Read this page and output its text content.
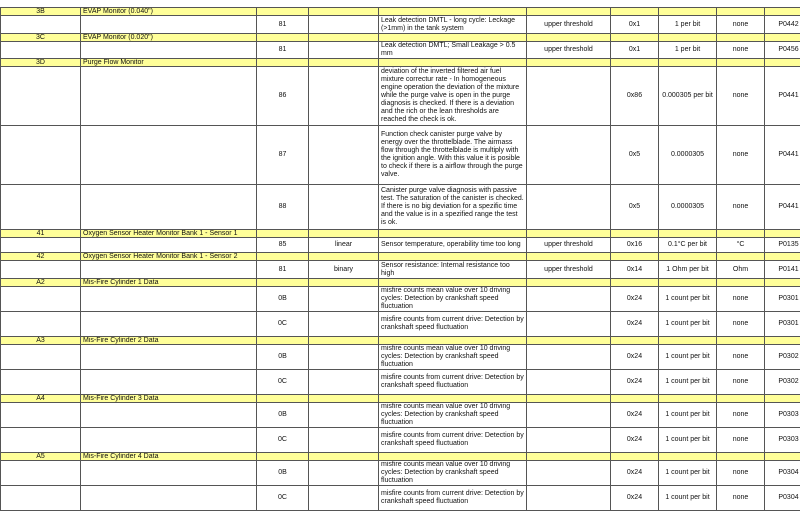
3B	EVAP Monitor (0.040")								
		81		Leak detection DMTL - long cycle: Leckage (>1mm) in the tank system	upper threshold	0x1	1 per bit	none	P0442
3C	EVAP Monitor (0.020")								
		81		Leak detection DMTL; Small Leakage > 0.5 mm	upper threshold	0x1	1 per bit	none	P0456
3D	Purge Flow Monitor								
		86		deviation of the inverted filtered air fuel mixture correctur rate - In homogeneous engine operation the deviation of the mixture while the purge valve is open in the purge diagnosis is checked. If there is a deviation and the rich or the lean thresholds are reached the check is ok.		0x86	0.000305 per bit	none	P0441
		87		Function check canister purge valve by energy over the throttelblade. The airmass flow through the throttelblade is multiply with the ignition angle. With this value it is posible to check if there is a airflow through the purge valve.		0x5	0.0000305	none	P0441
		88		Canister purge valve diagnosis with passive test. The saturation of the canister is checked. If there is no big deviation for a spezific time and the value is in a spezified range the test is ok.		0x5	0.0000305	none	P0441
41	Oxygen Sensor Heater Monitor Bank 1 - Sensor 1								
		85	linear	Sensor temperature, operability time too long	upper threshold	0x16	0.1°C per bit	°C	P0135
42	Oxygen Sensor Heater Monitor Bank 1 - Sensor 2								
		81	binary	Sensor resistance: Internal resistance too high	upper threshold	0x14	1 Ohm per bit	Ohm	P0141
A2	Mis-Fire Cylinder 1 Data								
		0B		misfire counts mean value over 10 driving cycles: Detection by crankshaft speed fluctuation		0x24	1 count per bit	none	P0301
		0C		misfire counts from current drive: Detection by crankshaft speed fluctuation		0x24	1 count per bit	none	P0301
A3	Mis-Fire Cylinder 2 Data								
		0B		misfire counts mean value over 10 driving cycles: Detection by crankshaft speed fluctuation		0x24	1 count per bit	none	P0302
		0C		misfire counts from current drive: Detection by crankshaft speed fluctuation		0x24	1 count per bit	none	P0302
A4	Mis-Fire Cylinder 3 Data								
		0B		misfire counts mean value over 10 driving cycles: Detection by crankshaft speed fluctuation		0x24	1 count per bit	none	P0303
		0C		misfire counts from current drive: Detection by crankshaft speed fluctuation		0x24	1 count per bit	none	P0303
A5	Mis-Fire Cylinder 4 Data								
		0B		misfire counts mean value over 10 driving cycles: Detection by crankshaft speed fluctuation		0x24	1 count per bit	none	P0304
		0C		misfire counts from current drive: Detection by crankshaft speed fluctuation		0x24	1 count per bit	none	P0304
